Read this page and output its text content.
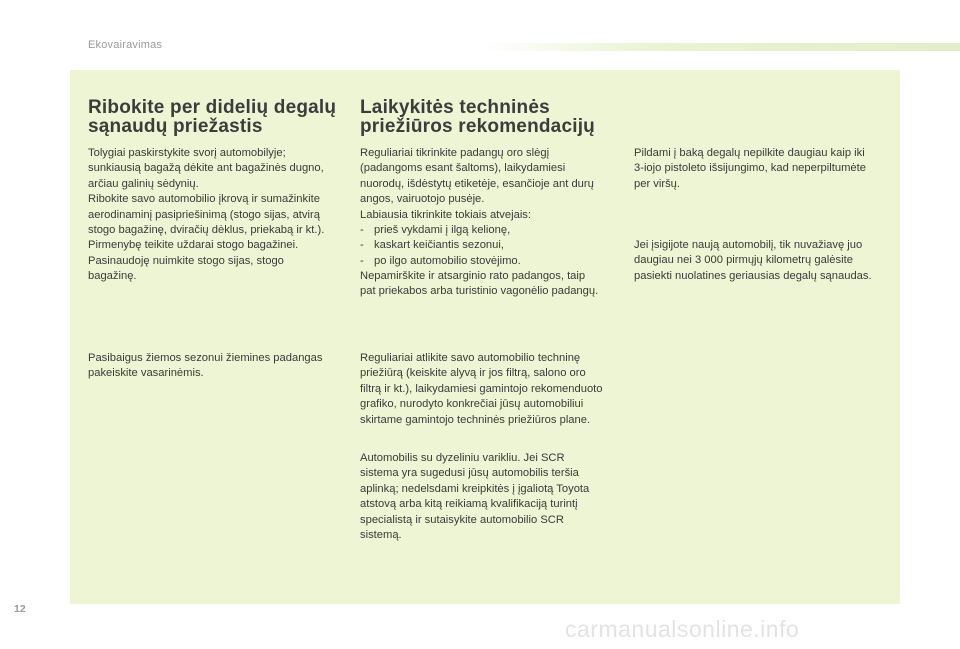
Ekovairavimas
Ribokite per didelių degalų
sąnaudų priežastis
Tolygiai paskirstykite svorį automobilyje;
sunkiausią bagažą dėkite ant bagažinės dugno,
arčiau galinių sėdynių.
Ribokite savo automobilio įkrovą ir sumažinkite
aerodinaminį pasipriešinimą (stogo sijas, atvirą
stogo bagažinę, dviračių dėklus, priekabą ir kt.).
Pirmenybę teikite uždarai stogo bagažinei.
Pasinaudoję nuimkite stogo sijas, stogo
bagažinę.
Pasibaigus žiemos sezonui žiemines padangas
pakeiskite vasarinėmis.
Laikykitės techninės
priežiūros rekomendacijų
Reguliariai tikrinkite padangų oro slėgį
(padangoms esant šaltoms), laikydamiesi
nuorodų, išdėstytų etiketėje, esančioje ant durų
angos, vairuotojo pusėje.
Labiausia tikrinkite tokiais atvejais:
- prieš vykdami į ilgą kelionę,
- kaskart keičiantis sezonui,
- po ilgo automobilio stovėjimo.
Nepamirškite ir atsarginio rato padangos, taip
pat priekabos arba turistinio vagonėlio padangų.
Reguliariai atlikite savo automobilio techninę
priežiūrą (keiskite alyvą ir jos filtrą, salono oro
filtrą ir kt.), laikydamiesi gamintojo rekomenduoto
grafiko, nurodyto konkrečiai jūsų automobiliui
skirtame gamintojo techninės priežiūros plane.
Automobilis su dyzeliniu varikliu. Jei SCR
sistema yra sugedusi jūsų automobilis teršia
aplinką; nedelsdami kreipkitės į įgaliotą Toyota
atstovą arba kitą reikiamą kvalifikaciją turintį
specialistą ir sutaisykite automobilio SCR
sistemą.
Pildami į baką degalų nepilkite daugiau kaip iki
3-iojo pistoleto išsijungimo, kad neperpiltumėte
per viršų.
Jei įsigijote naują automobilį, tik nuvažiavę juo
daugiau nei 3 000 pirmųjų kilometrų galėsite
pasiekti nuolatines geriausias degalų sąnaudas.
12
carmanualsonline.info
